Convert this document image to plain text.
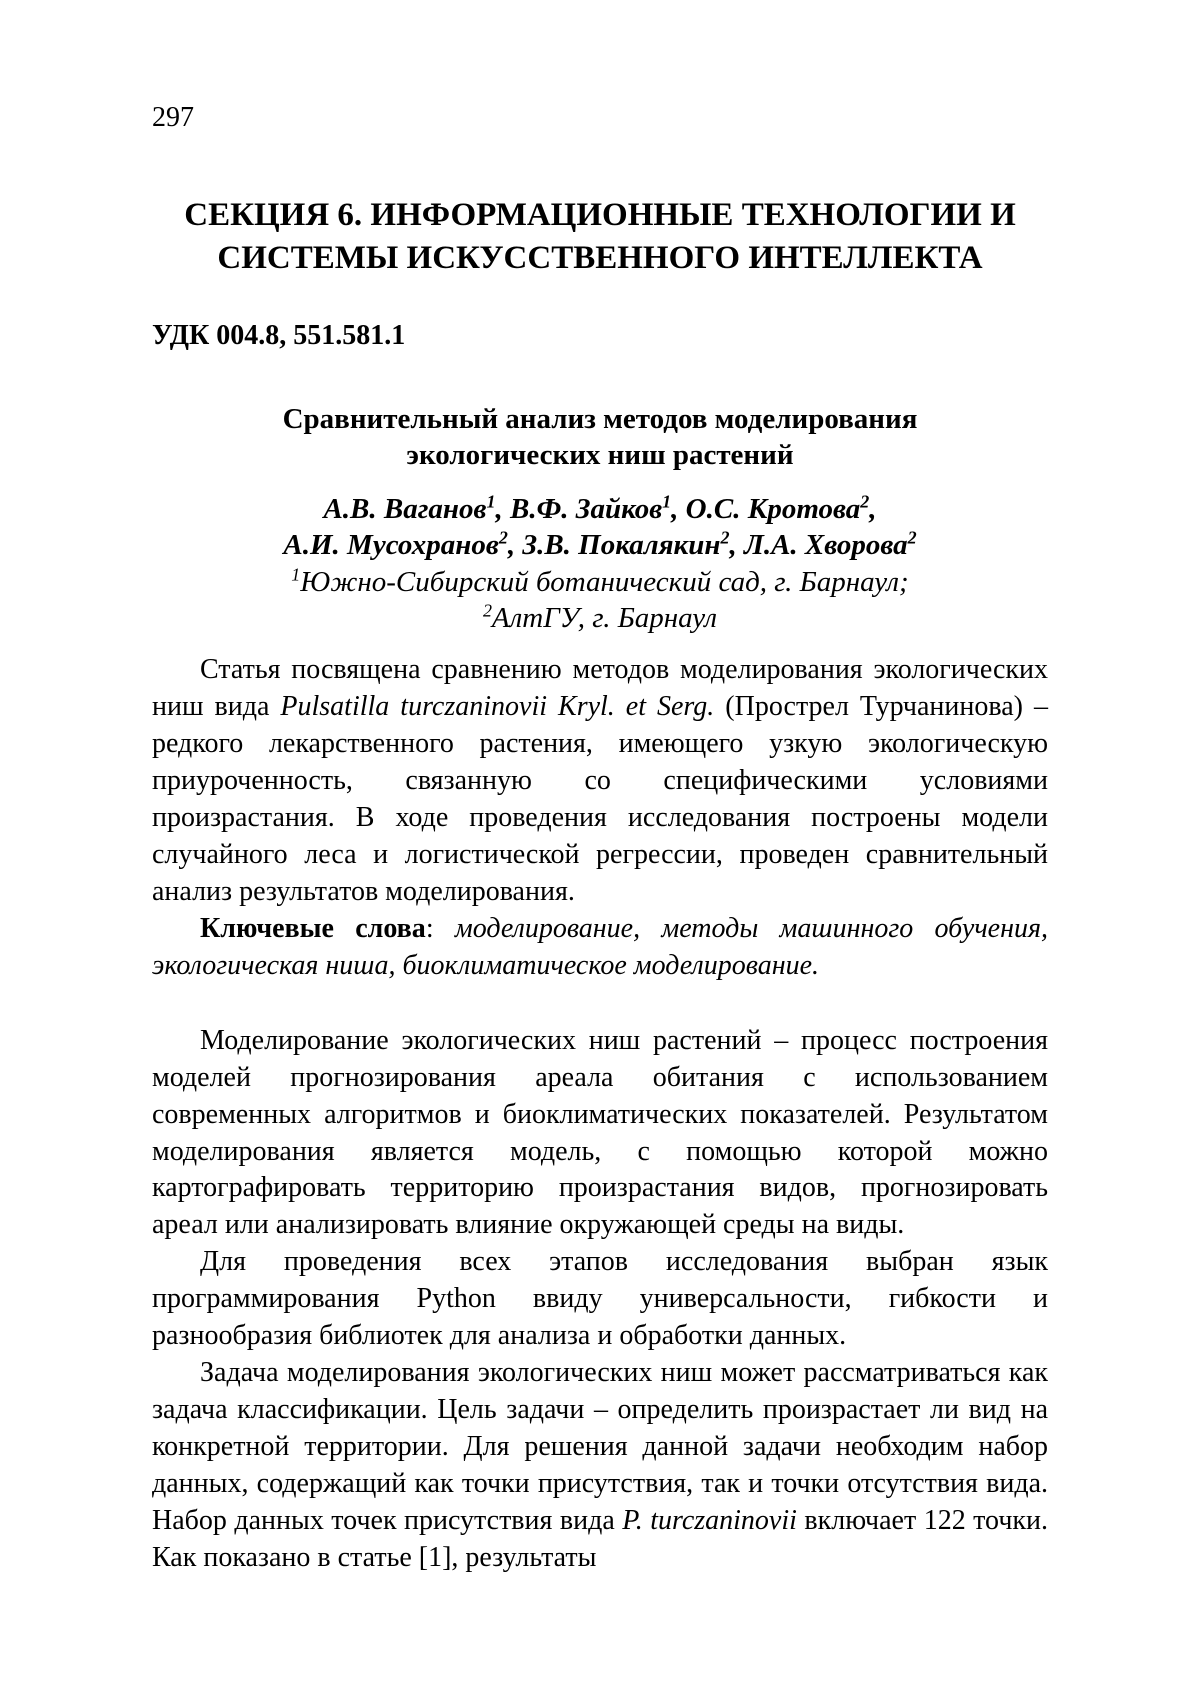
297
СЕКЦИЯ 6. ИНФОРМАЦИОННЫЕ ТЕХНОЛОГИИ И
СИСТЕМЫ ИСКУССТВЕННОГО ИНТЕЛЛЕКТА
УДК 004.8, 551.581.1
Сравнительный анализ методов моделирования
экологических ниш растений
А.В. Ваганов$^1$, В.Ф. Зайков$^1$, О.С. Кротова$^2$,
А.И. Мусохранов$^2$, З.В. Покалякин$^2$, Л.А. Хворова$^2$
$^1$Южно-Сибирский ботанический сад, г. Барнаул;
$^2$АлтГУ, г. Барнаул

Статья посвящена сравнению методов моделирования экологических ниш вида Pulsatilla turczaninovii Kryl. et Serg. (Прострел Турчанинова) – редкого лекарственного растения, имеющего узкую экологическую приуроченность, связанную со специфическими условиями произрастания. В ходе проведения исследования построены модели случайного леса и логистической регрессии, проведен сравнительный анализ результатов моделирования.

Ключевые слова: моделирование, методы машинного обучения, экологическая ниша, биоклиматическое моделирование.

Моделирование экологических ниш растений – процесс построения моделей прогнозирования ареала обитания с использованием современных алгоритмов и биоклиматических показателей. Результатом моделирования является модель, с помощью которой можно картографировать территорию произрастания видов, прогнозировать ареал или анализировать влияние окружающей среды на виды.

Для проведения всех этапов исследования выбран язык программирования Python ввиду универсальности, гибкости и разнообразия библиотек для анализа и обработки данных.

Задача моделирования экологических ниш может рассматриваться как задача классификации. Цель задачи – определить произрастает ли вид на конкретной территории. Для решения данной задачи необходим набор данных, содержащий как точки присутствия, так и точки отсутствия вида. Набор данных точек присутствия вида P. turczaninovii включает 122 точки. Как показано в статье [1], результаты
